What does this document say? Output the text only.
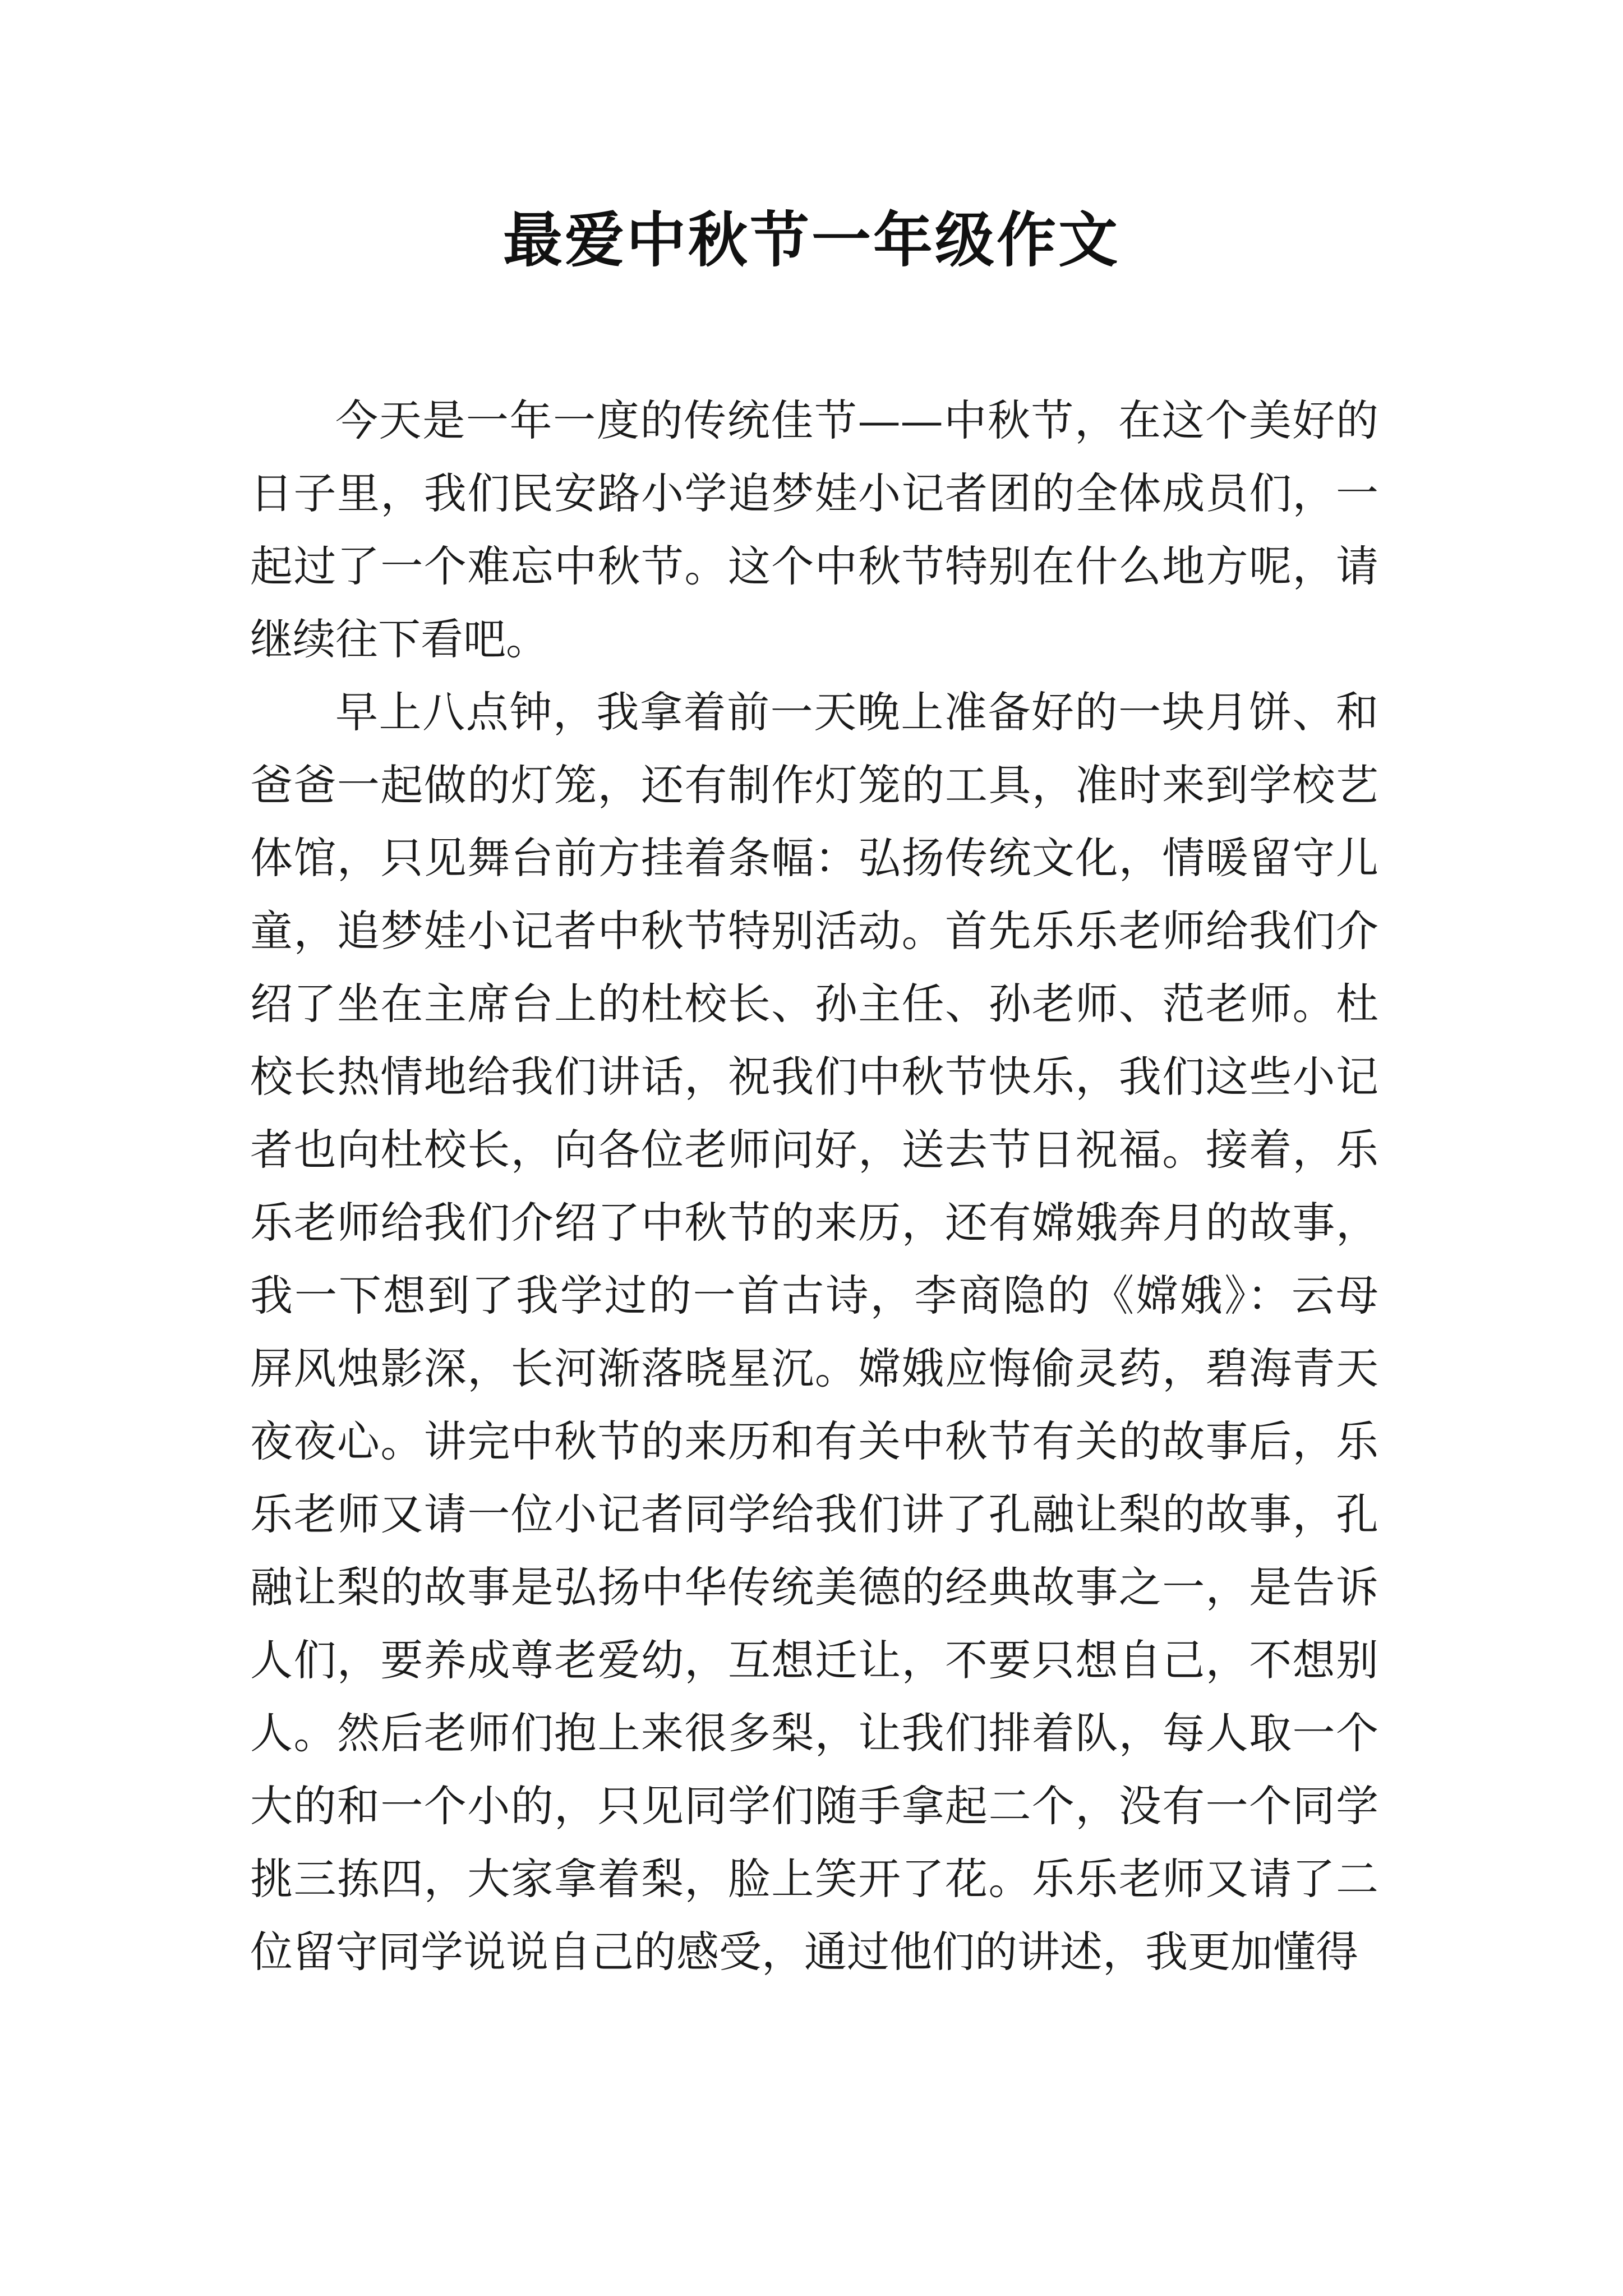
最爱中秋节一年级作文

今天是一年一度的传统佳节——中秋节，在这个美好的日子里，我们民安路小学追梦娃小记者团的全体成员们，一起过了一个难忘中秋节。这个中秋节特别在什么地方呢，请继续往下看吧。

早上八点钟，我拿着前一天晚上准备好的一块月饼、和爸爸一起做的灯笼，还有制作灯笼的工具，准时来到学校艺体馆，只见舞台前方挂着条幅：弘扬传统文化，情暖留守儿童，追梦娃小记者中秋节特别活动。首先乐乐老师给我们介绍了坐在主席台上的杜校长、孙主任、孙老师、范老师。杜校长热情地给我们讲话，祝我们中秋节快乐，我们这些小记者也向杜校长，向各位老师问好，送去节日祝福。接着，乐乐老师给我们介绍了中秋节的来历，还有嫦娥奔月的故事，我一下想到了我学过的一首古诗，李商隐的《嫦娥》：云母屏风烛影深，长河渐落晓星沉。嫦娥应悔偷灵药，碧海青天夜夜心。讲完中秋节的来历和有关中秋节有关的故事后，乐乐老师又请一位小记者同学给我们讲了孔融让梨的故事，孔融让梨的故事是弘扬中华传统美德的经典故事之一，是告诉人们，要养成尊老爱幼，互想迁让，不要只想自己，不想别人。然后老师们抱上来很多梨，让我们排着队，每人取一个大的和一个小的，只见同学们随手拿起二个，没有一个同学挑三拣四，大家拿着梨，脸上笑开了花。乐乐老师又请了二位留守同学说说自己的感受，通过他们的讲述，我更加懂得
